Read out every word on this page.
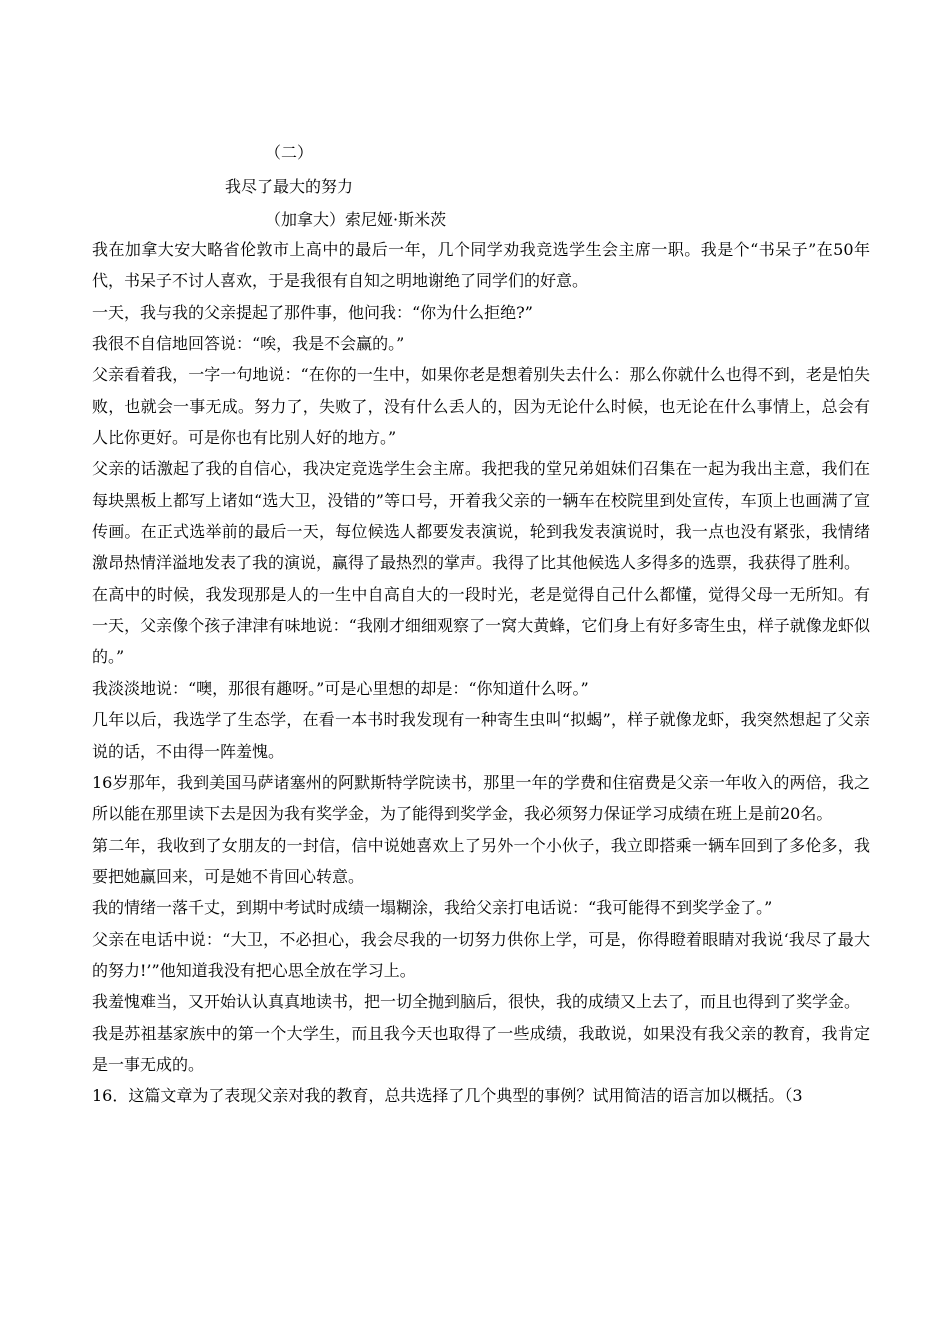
（二）
我尽了最大的努力
（加拿大）索尼娅·斯米茨

我在加拿大安大略省伦敦市上高中的最后一年，几个同学劝我竞选学生会主席一职。我是个“书呆子”在50年代，书呆子不讨人喜欢，于是我很有自知之明地谢绝了同学们的好意。

一天，我与我的父亲提起了那件事，他问我：“你为什么拒绝?”

我很不自信地回答说：“唉，我是不会赢的。”

父亲看着我，一字一句地说：“在你的一生中，如果你老是想着别失去什么：那么你就什么也得不到，老是怕失败，也就会一事无成。努力了，失败了，没有什么丢人的，因为无论什么时候，也无论在什么事情上，总会有人比你更好。可是你也有比别人好的地方。”

父亲的话激起了我的自信心，我决定竞选学生会主席。我把我的堂兄弟姐妹们召集在一起为我出主意，我们在每块黑板上都写上诸如“选大卫，没错的”等口号，开着我父亲的一辆车在校院里到处宣传，车顶上也画满了宣传画。在正式选举前的最后一天，每位候选人都要发表演说，轮到我发表演说时，我一点也没有紧张，我情绪激昂热情洋溢地发表了我的演说，赢得了最热烈的掌声。我得了比其他候选人多得多的选票，我获得了胜利。

在高中的时候，我发现那是人的一生中自高自大的一段时光，老是觉得自己什么都懂，觉得父母一无所知。有一天，父亲像个孩子津津有味地说：“我刚才细细观察了一窝大黄蜂，它们身上有好多寄生虫，样子就像龙虾似的。”

我淡淡地说：“噢，那很有趣呀。”可是心里想的却是：“你知道什么呀。”

几年以后，我选学了生态学，在看一本书时我发现有一种寄生虫叫“拟蝎”，样子就像龙虾，我突然想起了父亲说的话，不由得一阵羞愧。

16岁那年，我到美国马萨诸塞州的阿默斯特学院读书，那里一年的学费和住宿费是父亲一年收入的两倍，我之所以能在那里读下去是因为我有奖学金，为了能得到奖学金，我必须努力保证学习成绩在班上是前20名。

第二年，我收到了女朋友的一封信，信中说她喜欢上了另外一个小伙子，我立即搭乘一辆车回到了多伦多，我要把她赢回来，可是她不肯回心转意。

我的情绪一落千丈，到期中考试时成绩一塌糊涂，我给父亲打电话说：“我可能得不到奖学金了。”

父亲在电话中说：“大卫，不必担心，我会尽我的一切努力供你上学，可是，你得瞪着眼睛对我说‘我尽了最大的努力!’”他知道我没有把心思全放在学习上。

我羞愧难当，又开始认认真真地读书，把一切全抛到脑后，很快，我的成绩又上去了，而且也得到了奖学金。

我是苏祖基家族中的第一个大学生，而且我今天也取得了一些成绩，我敢说，如果没有我父亲的教育，我肯定是一事无成的。

16．这篇文章为了表现父亲对我的教育，总共选择了几个典型的事例？试用简洁的语言加以概括。（3
